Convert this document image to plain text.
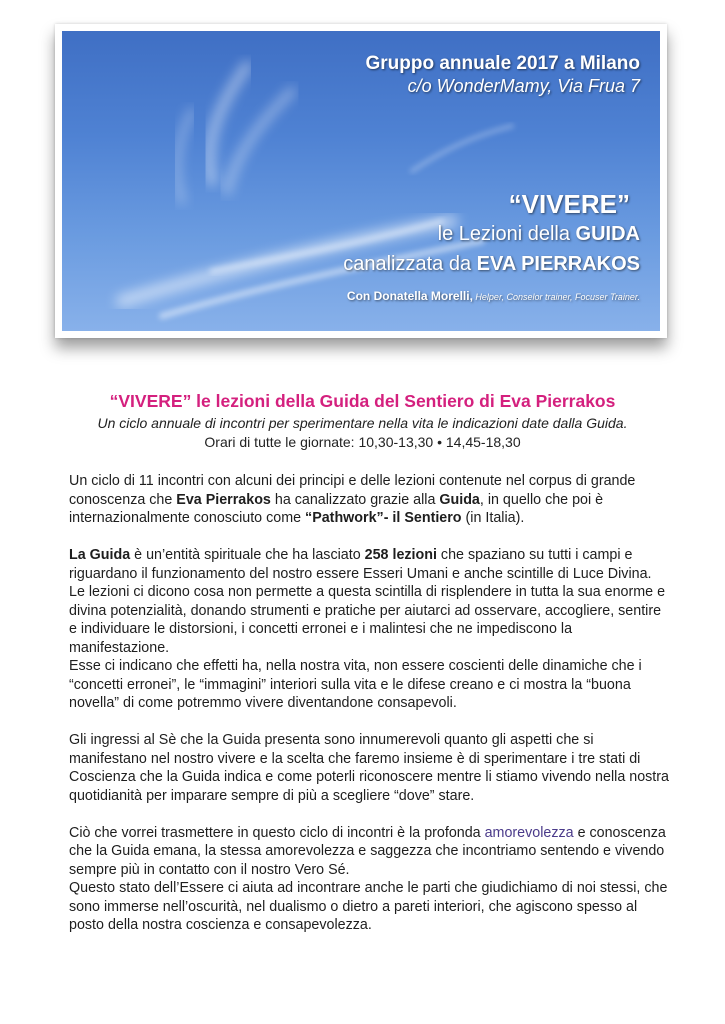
Gruppo annuale 2017 a Milano
c/o WonderMamy, Via Frua 7
“VIVERE”
le Lezioni della GUIDA
canalizzata da EVA PIERRAKOS
Con Donatella Morelli, Helper, Conselor trainer, Focuser Trainer.
“VIVERE” le lezioni della Guida del Sentiero di Eva Pierrakos
Un ciclo annuale di incontri per sperimentare nella vita le indicazioni date dalla Guida.
Orari di tutte le giornate: 10,30-13,30 • 14,45-18,30

Un ciclo di 11 incontri con alcuni dei principi e delle lezioni contenute nel corpus di grande conoscenza che Eva Pierrakos ha canalizzato grazie alla Guida, in quello che poi è internazionalmente conosciuto come “Pathwork”- il Sentiero (in Italia).

La Guida è un’entità spirituale che ha lasciato 258 lezioni che spaziano su tutti i campi e riguardano il funzionamento del nostro essere Esseri Umani e anche scintille di Luce Divina.

Le lezioni ci dicono cosa non permette a questa scintilla di risplendere in tutta la sua enorme e divina potenzialità, donando strumenti e pratiche per aiutarci ad osservare, accogliere, sentire e individuare le distorsioni, i concetti erronei e i malintesi che ne impediscono la manifestazione.

Esse ci indicano che effetti ha, nella nostra vita, non essere coscienti delle dinamiche che i “concetti erronei”, le “immagini” interiori sulla vita e le difese creano e ci mostra la “buona novella” di come potremmo vivere diventandone consapevoli.

Gli ingressi al Sè che la Guida presenta sono innumerevoli quanto gli aspetti che si manifestano nel nostro vivere e la scelta che faremo insieme è di sperimentare i tre stati di Coscienza che la Guida indica e come poterli riconoscere mentre li stiamo vivendo nella nostra quotidianità per imparare sempre di più a scegliere “dove” stare.

Ciò che vorrei trasmettere in questo ciclo di incontri è la profonda amorevolezza e conoscenza che la Guida emana, la stessa amorevolezza e saggezza che incontriamo sentendo e vivendo sempre più in contatto con il nostro Vero Sé.

Questo stato dell’Essere ci aiuta ad incontrare anche le parti che giudichiamo di noi stessi, che sono immerse nell’oscurità, nel dualismo o dietro a pareti interiori, che agiscono spesso al posto della nostra coscienza e consapevolezza.
